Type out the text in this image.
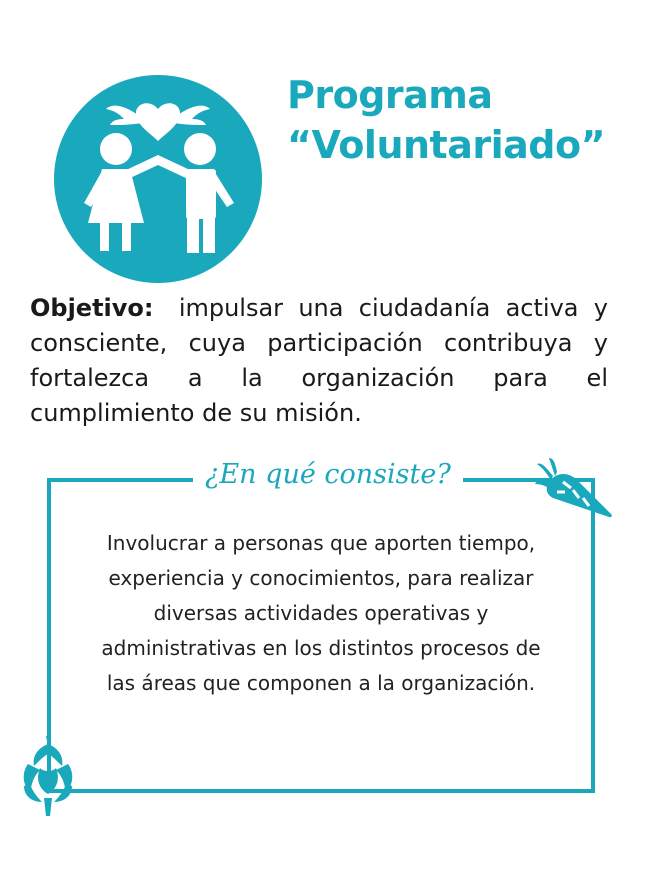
Programa
“Voluntariado”

Objetivo: impulsar una ciudadanía activa y consciente, cuya participación contribuya y fortalezca a la organización para el cumplimiento de su misión.

¿En qué consiste?

Involucrar a personas que aporten tiempo, experiencia y conocimientos, para realizar diversas actividades operativas y administrativas en los distintos procesos de las áreas que componen a la organización.
